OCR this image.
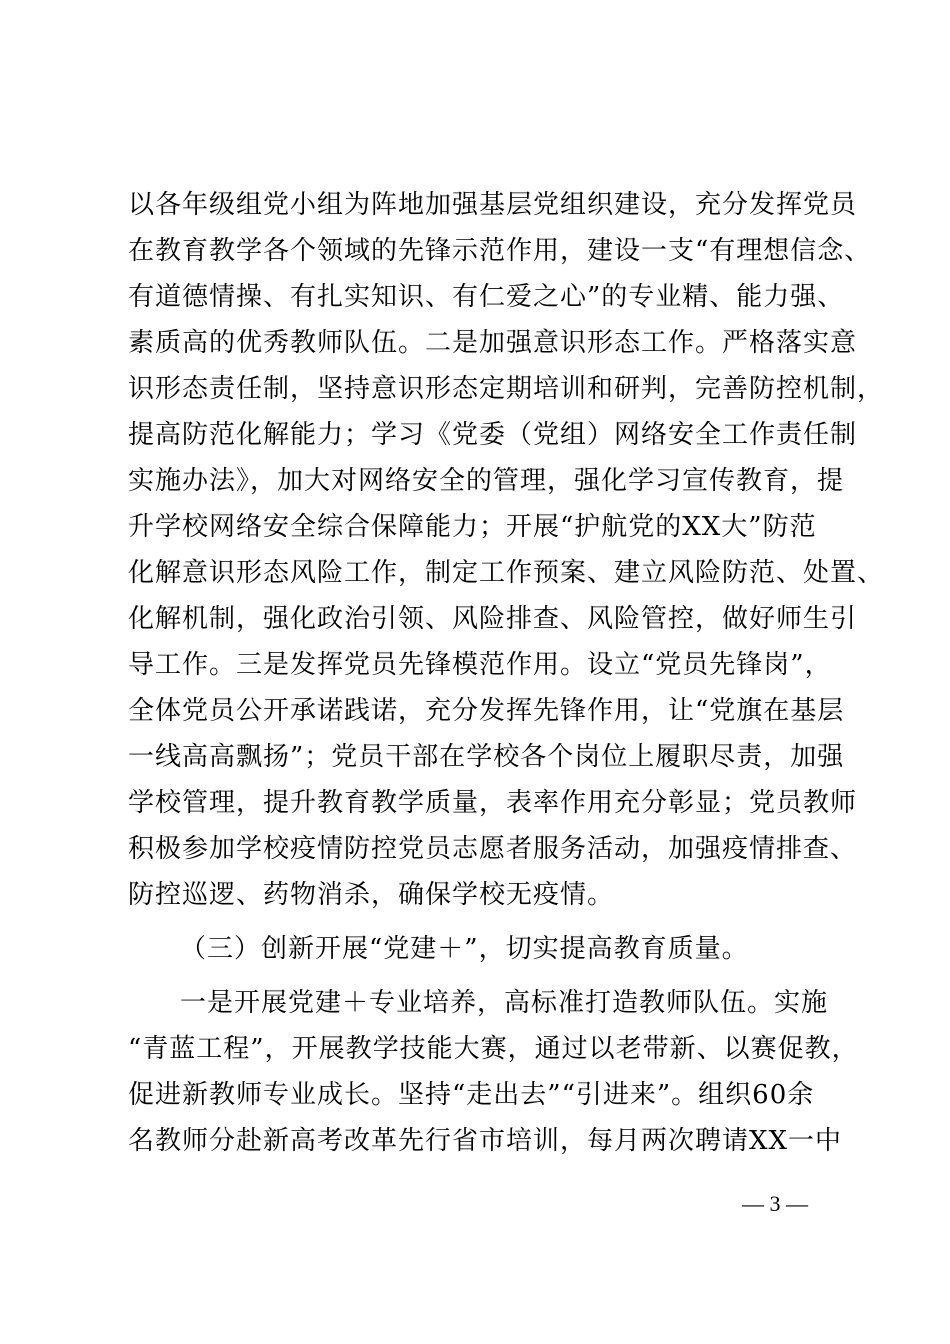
以各年级组党小组为阵地加强基层党组织建设，充分发挥党员
在教育教学各个领域的先锋示范作用，建设一支“有理想信念、
有道德情操、有扎实知识、有仁爱之心”的专业精、能力强、
素质高的优秀教师队伍。二是加强意识形态工作。严格落实意
识形态责任制，坚持意识形态定期培训和研判，完善防控机制，
提高防范化解能力；学习《党委（党组）网络安全工作责任制
实施办法》，加大对网络安全的管理，强化学习宣传教育，提
升学校网络安全综合保障能力；开展“护航党的XX大”防范
化解意识形态风险工作，制定工作预案、建立风险防范、处置、
化解机制，强化政治引领、风险排查、风险管控，做好师生引
导工作。三是发挥党员先锋模范作用。设立“党员先锋岗”，
全体党员公开承诺践诺，充分发挥先锋作用，让“党旗在基层
一线高高飘扬”；党员干部在学校各个岗位上履职尽责，加强
学校管理，提升教育教学质量，表率作用充分彰显；党员教师
积极参加学校疫情防控党员志愿者服务活动，加强疫情排查、
防控巡逻、药物消杀，确保学校无疫情。
（三）创新开展“党建＋”，切实提高教育质量。
一是开展党建＋专业培养，高标准打造教师队伍。实施
“青蓝工程”，开展教学技能大赛，通过以老带新、以赛促教，
促进新教师专业成长。坚持“走出去”“引进来”。组织60余
名教师分赴新高考改革先行省市培训，每月两次聘请XX一中
— 3 —
